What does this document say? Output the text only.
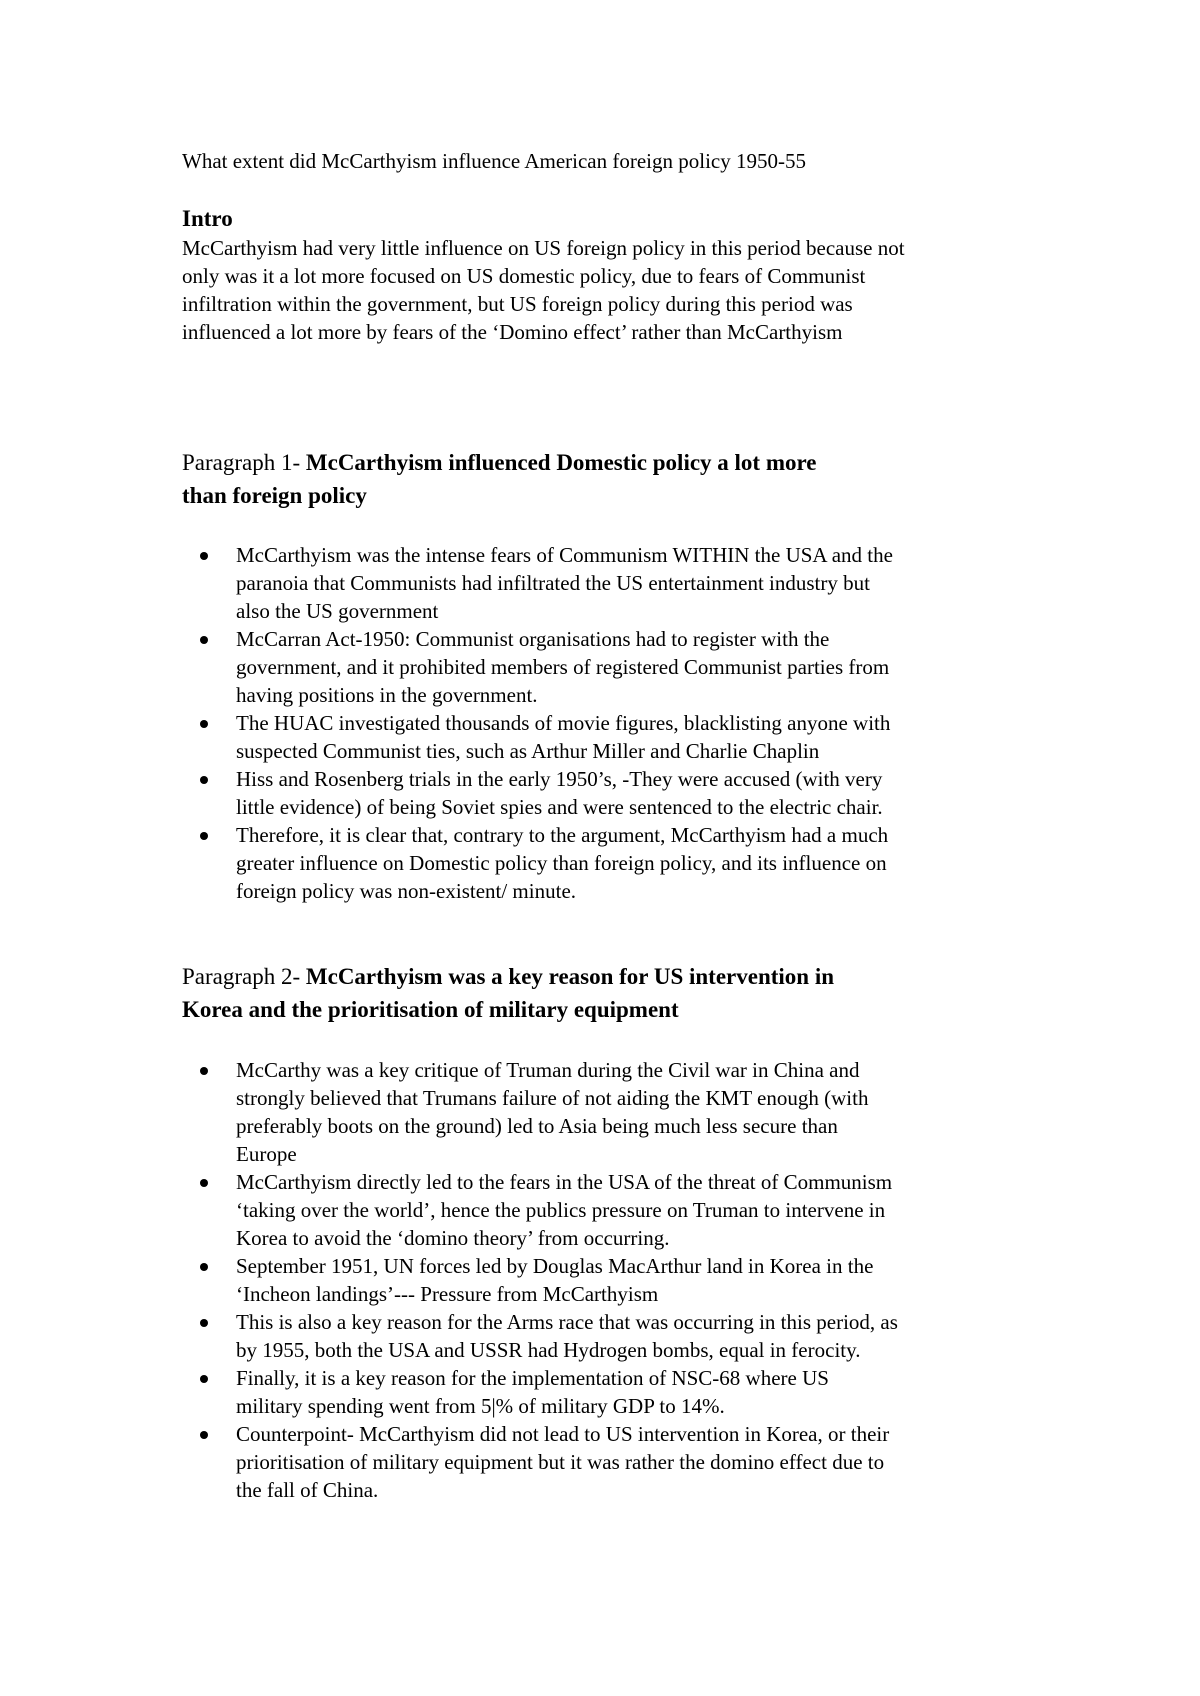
What extent did McCarthyism influence American foreign policy 1950-55
Intro
McCarthyism had very little influence on US foreign policy in this period because not
only was it a lot more focused on US domestic policy, due to fears of Communist
infiltration within the government, but US foreign policy during this period was
influenced a lot more by fears of the ‘Domino effect’ rather than McCarthyism
Paragraph 1- McCarthyism influenced Domestic policy a lot more
than foreign policy
McCarthyism was the intense fears of Communism WITHIN the USA and the
paranoia that Communists had infiltrated the US entertainment industry but
also the US government
McCarran Act-1950: Communist organisations had to register with the
government, and it prohibited members of registered Communist parties from
having positions in the government.
The HUAC investigated thousands of movie figures, blacklisting anyone with
suspected Communist ties, such as Arthur Miller and Charlie Chaplin
Hiss and Rosenberg trials in the early 1950’s, -They were accused (with very
little evidence) of being Soviet spies and were sentenced to the electric chair.
Therefore, it is clear that, contrary to the argument, McCarthyism had a much
greater influence on Domestic policy than foreign policy, and its influence on
foreign policy was non-existent/ minute.
Paragraph 2- McCarthyism was a key reason for US intervention in
Korea and the prioritisation of military equipment
McCarthy was a key critique of Truman during the Civil war in China and
strongly believed that Trumans failure of not aiding the KMT enough (with
preferably boots on the ground) led to Asia being much less secure than
Europe
McCarthyism directly led to the fears in the USA of the threat of Communism
‘taking over the world’, hence the publics pressure on Truman to intervene in
Korea to avoid the ‘domino theory’ from occurring.
September 1951, UN forces led by Douglas MacArthur land in Korea in the
‘Incheon landings’--- Pressure from McCarthyism
This is also a key reason for the Arms race that was occurring in this period, as
by 1955, both the USA and USSR had Hydrogen bombs, equal in ferocity.
Finally, it is a key reason for the implementation of NSC-68 where US
military spending went from 5|% of military GDP to 14%.
Counterpoint- McCarthyism did not lead to US intervention in Korea, or their
prioritisation of military equipment but it was rather the domino effect due to
the fall of China.
